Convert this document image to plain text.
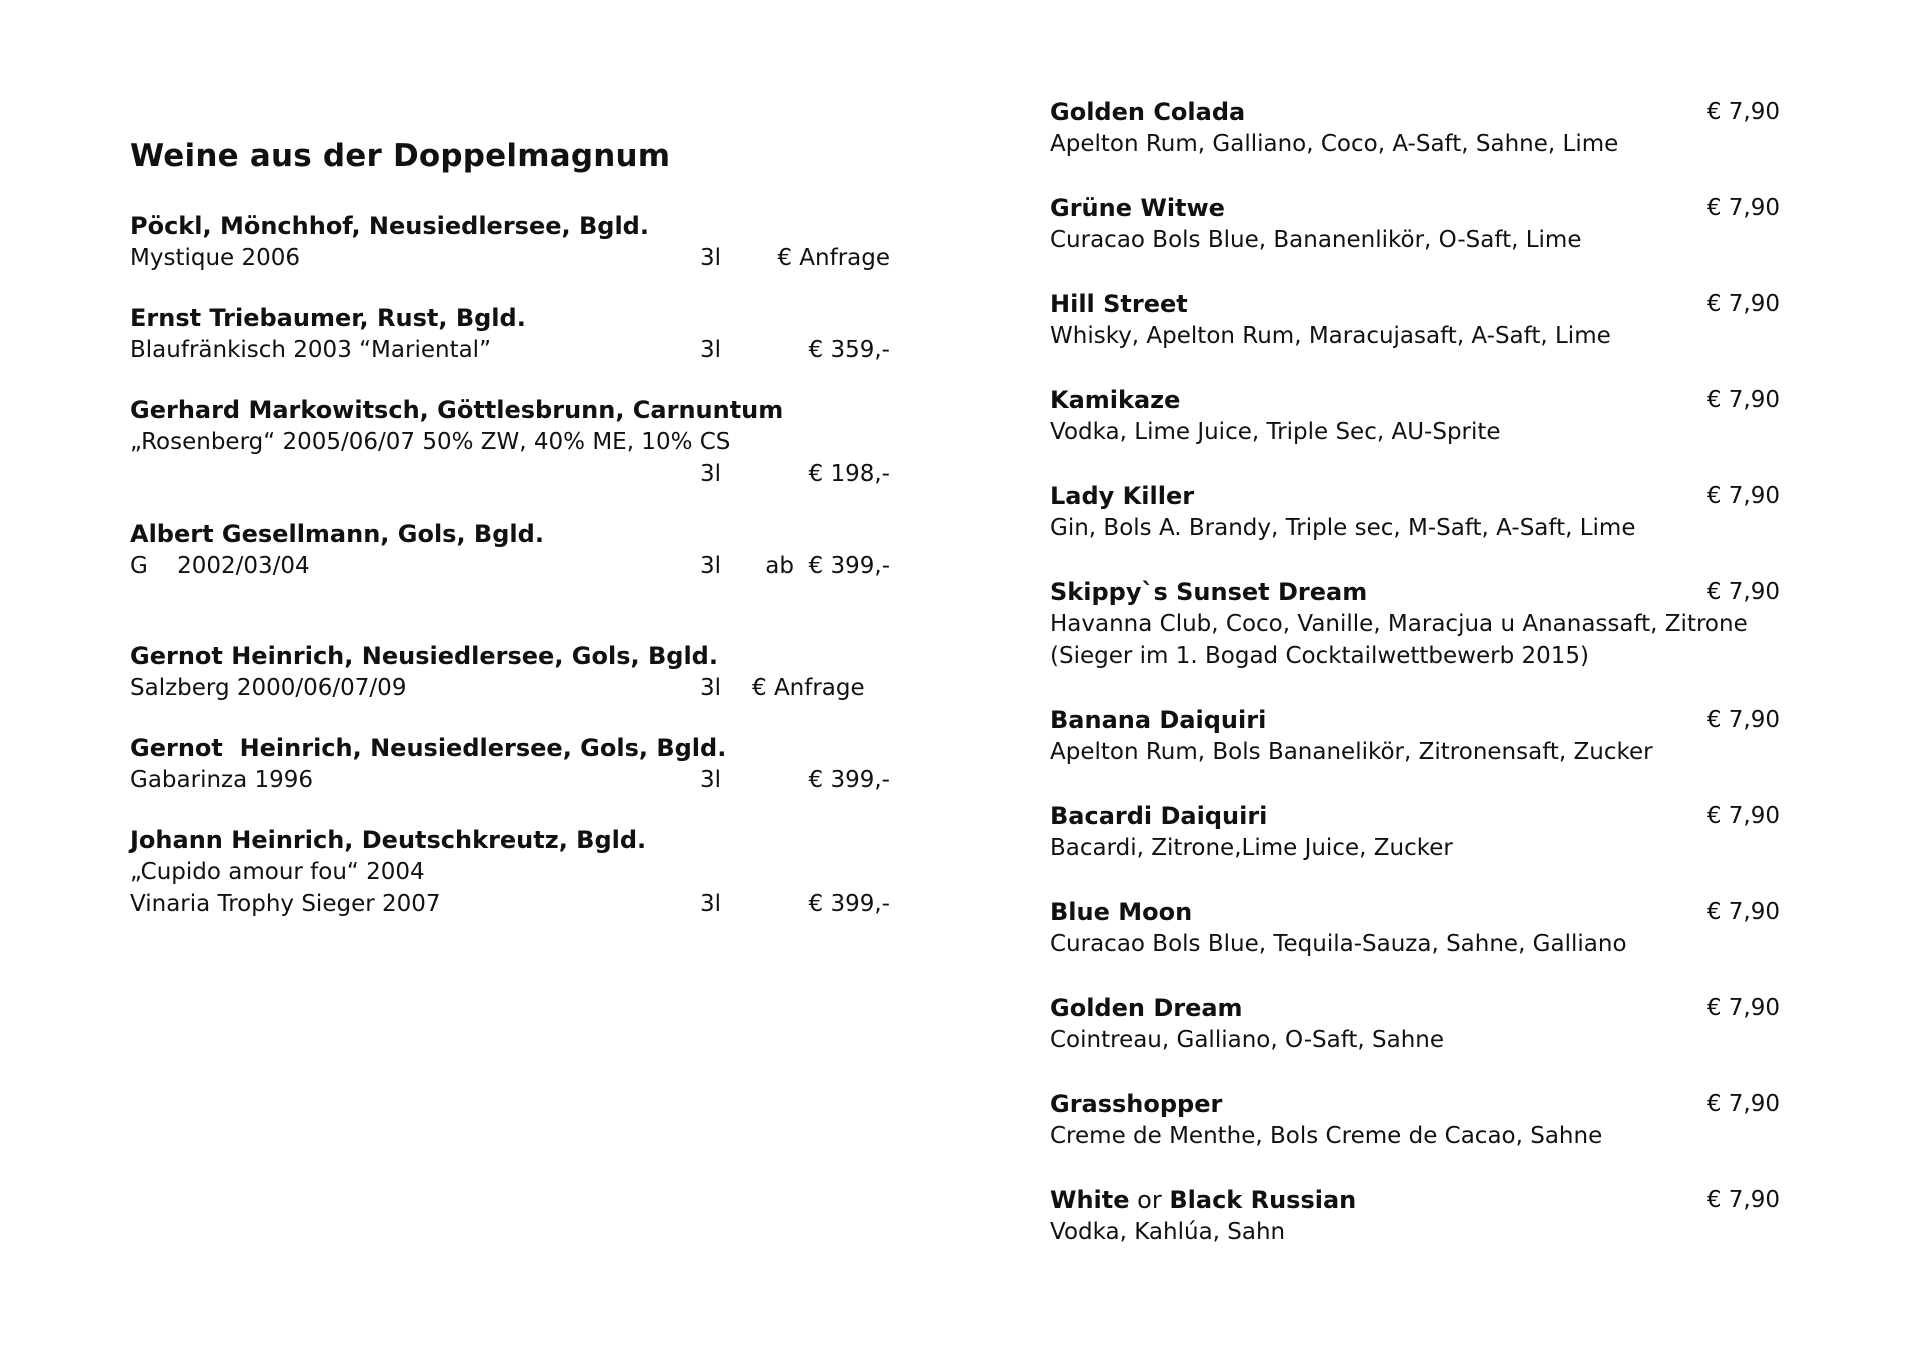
Weine aus der Doppelmagnum
Pöckl, Mönchhof, Neusiedlersee, Bgld.
Mystique 2006	3l	€ Anfrage
Ernst Triebaumer, Rust, Bgld.
Blaufränkisch 2003 “Mariental”	3l	€ 359,-
Gerhard Markowitsch, Göttlesbrunn, Carnuntum
„Rosenberg“ 2005/06/07 50% ZW, 40% ME, 10% CS
3l	€ 198,-
Albert Gesellmann, Gols, Bgld.
G    2002/03/04	3l	ab  € 399,-
Gernot Heinrich, Neusiedlersee, Gols, Bgld.
Salzberg 2000/06/07/09	3l € Anfrage
Gernot  Heinrich, Neusiedlersee, Gols, Bgld.
Gabarinza 1996	3l	€ 399,-
Johann Heinrich, Deutschkreutz, Bgld.
„Cupido amour fou“ 2004
Vinaria Trophy Sieger 2007	3l	€ 399,-
Golden Colada	€ 7,90
Apelton Rum, Galliano, Coco, A-Saft, Sahne, Lime
Grüne Witwe	€ 7,90
Curacao Bols Blue, Bananenlikör, O-Saft, Lime
Hill Street	€ 7,90
Whisky, Apelton Rum, Maracujasaft, A-Saft, Lime
Kamikaze	€ 7,90
Vodka, Lime Juice, Triple Sec, AU-Sprite
Lady Killer	€ 7,90
Gin, Bols A. Brandy, Triple sec, M-Saft, A-Saft, Lime
Skippy`s Sunset Dream	€ 7,90
Havanna Club, Coco, Vanille, Maracjua u Ananassaft, Zitrone
(Sieger im 1. Bogad Cocktailwettbewerb 2015)
Banana Daiquiri	€ 7,90
Apelton Rum, Bols Bananelikör, Zitronensaft, Zucker
Bacardi Daiquiri	€ 7,90
Bacardi, Zitrone,Lime Juice, Zucker
Blue Moon	€ 7,90
Curacao Bols Blue, Tequila-Sauza, Sahne, Galliano
Golden Dream	€ 7,90
Cointreau, Galliano, O-Saft, Sahne
Grasshopper	€ 7,90
Creme de Menthe, Bols Creme de Cacao, Sahne
White or Black Russian	€ 7,90
Vodka, Kahlúa, Sahn
